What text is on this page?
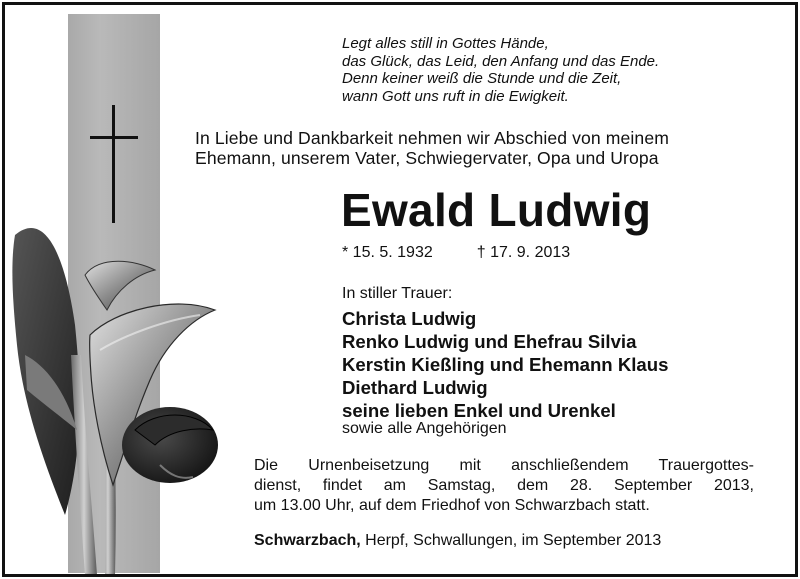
Legt alles still in Gottes Hände,
das Glück, das Leid, den Anfang und das Ende.
Denn keiner weiß die Stunde und die Zeit,
wann Gott uns ruft in die Ewigkeit.
In Liebe und Dankbarkeit nehmen wir Abschied von meinem
Ehemann, unserem Vater, Schwiegervater, Opa und Uropa
Ewald Ludwig
* 15. 5. 1932	† 17. 9. 2013
In stiller Trauer:
Christa Ludwig
Renko Ludwig und Ehefrau Silvia
Kerstin Kießling und Ehemann Klaus
Diethard Ludwig
seine lieben Enkel und Urenkel
sowie alle Angehörigen
Die Urnenbeisetzung mit anschließendem Trauergottes-
dienst, findet am Samstag, dem 28. September 2013,
um 13.00 Uhr, auf dem Friedhof von Schwarzbach statt.
Schwarzbach, Herpf, Schwallungen, im September 2013
